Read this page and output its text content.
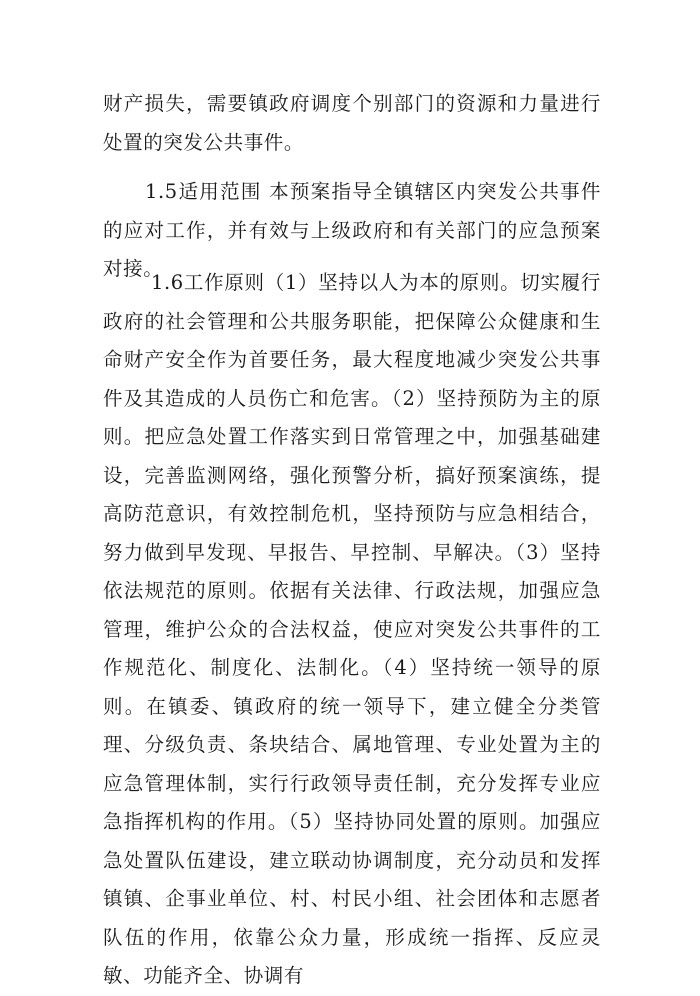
财产损失，需要镇政府调度个别部门的资源和力量进行处置的突发公共事件。

1.5适用范围 本预案指导全镇辖区内突发公共事件的应对工作，并有效与上级政府和有关部门的应急预案对接。

1.6工作原则（1）坚持以人为本的原则。切实履行政府的社会管理和公共服务职能，把保障公众健康和生命财产安全作为首要任务，最大程度地减少突发公共事件及其造成的人员伤亡和危害。（2）坚持预防为主的原则。把应急处置工作落实到日常管理之中，加强基础建设，完善监测网络，强化预警分析，搞好预案演练，提高防范意识，有效控制危机，坚持预防与应急相结合，努力做到早发现、早报告、早控制、早解决。（3）坚持依法规范的原则。依据有关法律、行政法规，加强应急管理，维护公众的合法权益，使应对突发公共事件的工作规范化、制度化、法制化。（4）坚持统一领导的原则。在镇委、镇政府的统一领导下，建立健全分类管理、分级负责、条块结合、属地管理、专业处置为主的应急管理体制，实行行政领导责任制，充分发挥专业应急指挥机构的作用。（5）坚持协同处置的原则。加强应急处置队伍建设，建立联动协调制度，充分动员和发挥镇镇、企事业单位、村、村民小组、社会团体和志愿者队伍的作用，依靠公众力量，形成统一指挥、反应灵敏、功能齐全、协调有
